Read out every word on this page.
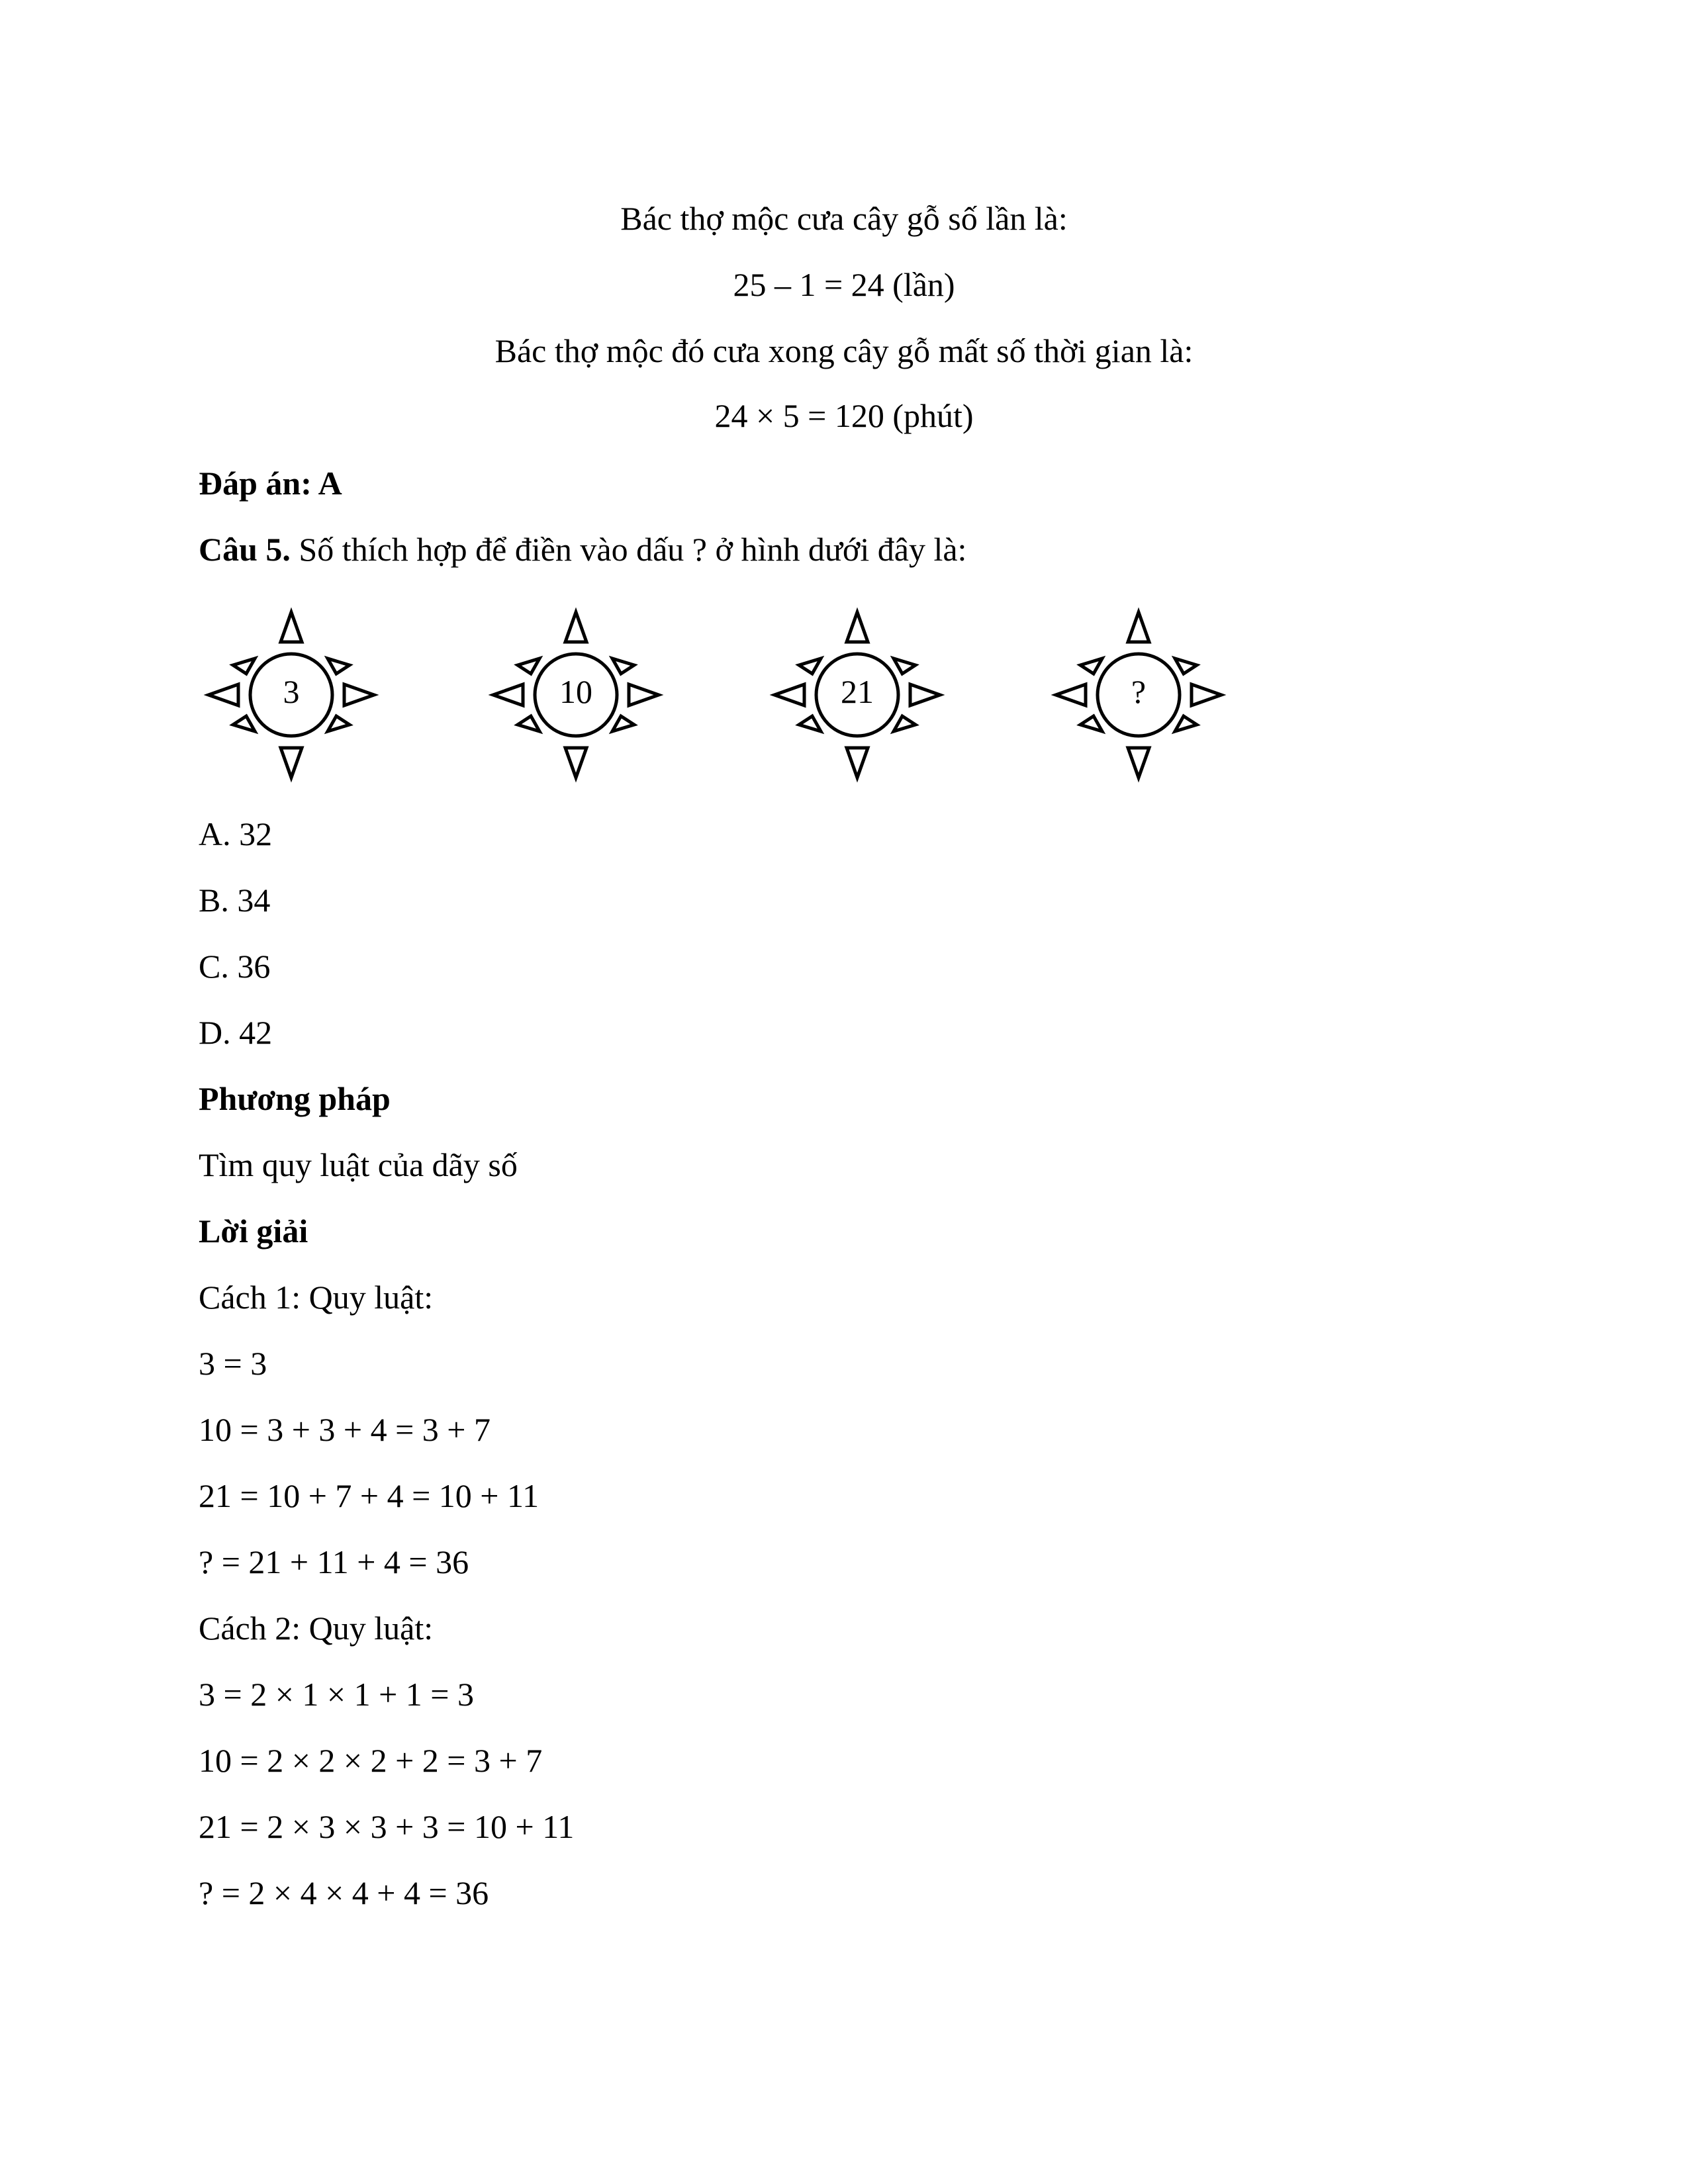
Bác thợ mộc cưa cây gỗ số lần là:
25 – 1 = 24 (lần)
Bác thợ mộc đó cưa xong cây gỗ mất số thời gian là:
24 × 5 = 120 (phút)
Đáp án: A
Câu 5. Số thích hợp để điền vào dấu ? ở hình dưới đây là:
3	10	21	?
A. 32
B. 34
C. 36
D. 42
Phương pháp
Tìm quy luật của dãy số
Lời giải
Cách 1: Quy luật:
3 = 3
10 = 3 + 3 + 4 = 3 + 7
21 = 10 + 7 + 4 = 10 + 11
? = 21 + 11 + 4 = 36
Cách 2: Quy luật:
3 = 2 × 1 × 1 + 1 = 3
10 = 2 × 2 × 2 + 2 = 3 + 7
21 = 2 × 3 × 3 + 3 = 10 + 11
? = 2 × 4 × 4 + 4 = 36
